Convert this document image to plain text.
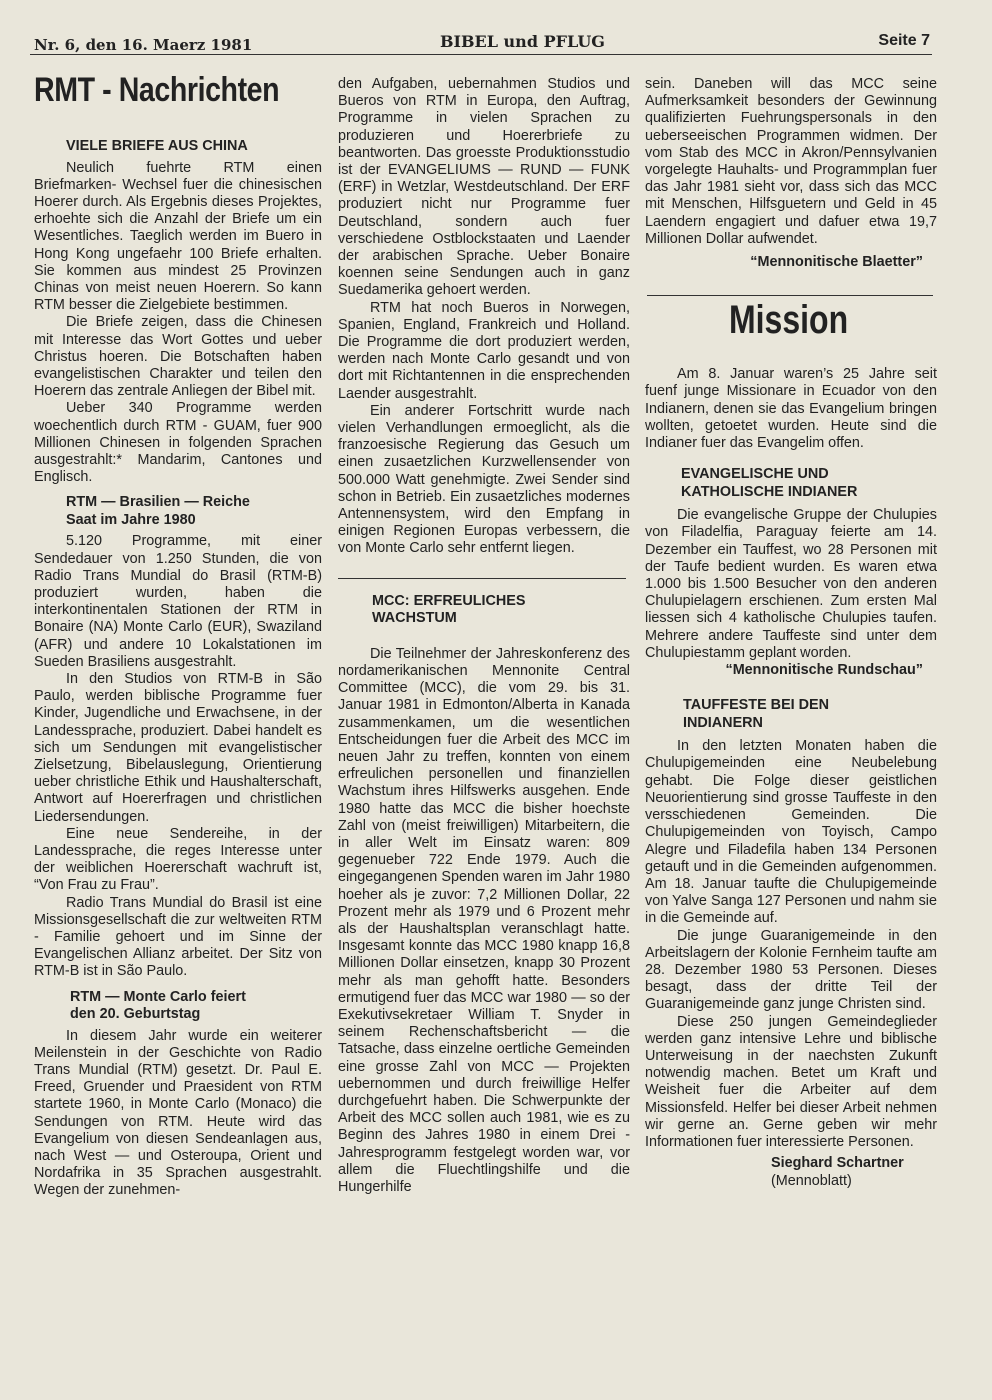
Nr. 6, den 16. Maerz 1981	BIBEL und PFLUG	Seite 7
RMT - Nachrichten
VIELE BRIEFE AUS CHINA

Neulich fuehrte RTM einen Briefmarken- Wechsel fuer die chinesischen Hoerer durch. Als Ergebnis dieses Projektes, erhoehte sich die Anzahl der Briefe um ein Wesentliches. Taeglich werden im Buero in Hong Kong ungefaehr 100 Briefe erhalten. Sie kommen aus mindest 25 Provinzen Chinas von meist neuen Hoerern. So kann RTM besser die Zielgebiete bestimmen.

Die Briefe zeigen, dass die Chinesen mit Interesse das Wort Gottes und ueber Christus hoeren. Die Botschaften haben evangelistischen Charakter und teilen den Hoerern das zentrale Anliegen der Bibel mit.

Ueber 340 Programme werden woechentlich durch RTM - GUAM, fuer 900 Millionen Chinesen in folgenden Sprachen ausgestrahlt:* Mandarim, Cantones und Englisch.

RTM — Brasilien — Reiche
Saat im Jahre 1980

5.120 Programme, mit einer Sendedauer von 1.250 Stunden, die von Radio Trans Mundial do Brasil (RTM-B) produziert wurden, haben die interkontinentalen Stationen der RTM in Bonaire (NA) Monte Carlo (EUR), Swaziland (AFR) und andere 10 Lokalstationen im Sueden Brasiliens ausgestrahlt.

In den Studios von RTM-B in São Paulo, werden biblische Programme fuer Kinder, Jugendliche und Erwachsene, in der Landessprache, produziert. Dabei handelt es sich um Sendungen mit evangelistischer Zielsetzung, Bibelauslegung, Orientierung ueber christliche Ethik und Haushalterschaft, Antwort auf Hoererfragen und christlichen Liedersendungen.

Eine neue Sendereihe, in der Landessprache, die reges Interesse unter der weiblichen Hoererschaft wachruft ist, “Von Frau zu Frau”.

Radio Trans Mundial do Brasil ist eine Missionsgesellschaft die zur weltweiten RTM - Familie gehoert und im Sinne der Evangelischen Allianz arbeitet. Der Sitz von RTM-B ist in São Paulo.

RTM — Monte Carlo feiert
den 20. Geburtstag

In diesem Jahr wurde ein weiterer Meilenstein in der Geschichte von Radio Trans Mundial (RTM) gesetzt. Dr. Paul E. Freed, Gruender und Praesident von RTM startete 1960, in Monte Carlo (Monaco) die Sendungen von RTM. Heute wird das Evangelium von diesen Sendeanlagen aus, nach West — und Osteroupa, Orient und Nordafrika in 35 Sprachen ausgestrahlt. Wegen der zunehmen-

den Aufgaben, uebernahmen Studios und Bueros von RTM in Europa, den Auftrag, Programme in vielen Sprachen zu produzieren und Hoererbriefe zu beantworten. Das groesste Produktionsstudio ist der EVANGELIUMS — RUND — FUNK (ERF) in Wetzlar, Westdeutschland. Der ERF produziert nicht nur Programme fuer Deutschland, sondern auch fuer verschiedene Ostblockstaaten und Laender der arabischen Sprache. Ueber Bonaire koennen seine Sendungen auch in ganz Suedamerika gehoert werden.

RTM hat noch Bueros in Norwegen, Spanien, England, Frankreich und Holland. Die Programme die dort produziert werden, werden nach Monte Carlo gesandt und von dort mit Richtantennen in die ensprechenden Laender ausgestrahlt.

Ein anderer Fortschritt wurde nach vielen Verhandlungen ermoeglicht, als die franzoesische Regierung das Gesuch um einen zusaetzlichen Kurzwellensender von 500.000 Watt genehmigte. Zwei Sender sind schon in Betrieb. Ein zusaetzliches modernes Antennensystem, wird den Empfang in einigen Regionen Europas verbessern, die von Monte Carlo sehr entfernt liegen.

MCC: ERFREULICHES
WACHSTUM

Die Teilnehmer der Jahreskonferenz des nordamerikanischen Mennonite Central Committee (MCC), die vom 29. bis 31. Januar 1981 in Edmonton/Alberta in Kanada zusammenkamen, um die wesentlichen Entscheidungen fuer die Arbeit des MCC im neuen Jahr zu treffen, konnten von einem erfreulichen personellen und finanziellen Wachstum ihres Hilfswerks ausgehen. Ende 1980 hatte das MCC die bisher hoechste Zahl von (meist freiwilligen) Mitarbeitern, die in aller Welt im Einsatz waren: 809 gegenueber 722 Ende 1979. Auch die eingegangenen Spenden waren im Jahr 1980 hoeher als je zuvor: 7,2 Millionen Dollar, 22 Prozent mehr als 1979 und 6 Prozent mehr als der Haushaltsplan veranschlagt hatte. Insgesamt konnte das MCC 1980 knapp 16,8 Millionen Dollar einsetzen, knapp 30 Prozent mehr als man gehofft hatte. Besonders ermutigend fuer das MCC war 1980 — so der Exekutivsekretaer William T. Snyder in seinem Rechenschaftsbericht — die Tatsache, dass einzelne oertliche Gemeinden eine grosse Zahl von MCC — Projekten uebernommen und durch freiwillige Helfer durchgefuehrt haben. Die Schwerpunkte der Arbeit des MCC sollen auch 1981, wie es zu Beginn des Jahres 1980 in einem Drei - Jahresprogramm festgelegt worden war, vor allem die Fluechtlingshilfe und die Hungerhilfe

sein. Daneben will das MCC seine Aufmerksamkeit besonders der Gewinnung qualifizierten Fuehrungspersonals in den ueberseeischen Programmen widmen. Der vom Stab des MCC in Akron/Pennsylvanien vorgelegte Hauhalts- und Programmplan fuer das Jahr 1981 sieht vor, dass sich das MCC mit Menschen, Hilfsguetern und Geld in 45 Laendern engagiert und dafuer etwa 19,7 Millionen Dollar aufwendet.

“Mennonitische Blaetter”
Mission

Am 8. Januar waren’s 25 Jahre seit fuenf junge Missionare in Ecuador von den Indianern, denen sie das Evangelium bringen wollten, getoetet wurden. Heute sind die Indianer fuer das Evangelim offen.

EVANGELISCHE UND
KATHOLISCHE INDIANER

Die evangelische Gruppe der Chulupies von Filadelfia, Paraguay feierte am 14. Dezember ein Tauffest, wo 28 Personen mit der Taufe bedient wurden. Es waren etwa 1.000 bis 1.500 Besucher von den anderen Chulupielagern erschienen. Zum ersten Mal liessen sich 4 katholische Chulupies taufen. Mehrere andere Tauffeste sind unter dem Chulupiestamm geplant worden.

“Mennonitische Rundschau”
TAUFFESTE BEI DEN
INDIANERN

In den letzten Monaten haben die Chulupigemeinden eine Neubelebung gehabt. Die Folge dieser geistlichen Neuorientierung sind grosse Tauffeste in den versschiedenen Gemeinden. Die Chulupigemeinden von Toyisch, Campo Alegre und Filadefila haben 134 Personen getauft und in die Gemeinden aufgenommen. Am 18. Januar taufte die Chulupigemeinde von Yalve Sanga 127 Personen und nahm sie in die Gemeinde auf.

Die junge Guaranigemeinde in den Arbeitslagern der Kolonie Fernheim taufte am 28. Dezember 1980 53 Personen. Dieses besagt, dass der dritte Teil der Guaranigemeinde ganz junge Christen sind.

Diese 250 jungen Gemeindeglieder werden ganz intensive Lehre und biblische Unterweisung in der naechsten Zukunft notwendig machen. Betet um Kraft und Weisheit fuer die Arbeiter auf dem Missionsfeld. Helfer bei dieser Arbeit nehmen wir gerne an. Gerne geben wir mehr Informationen fuer interessierte Personen.

Sieghard Schartner
(Mennoblatt)
